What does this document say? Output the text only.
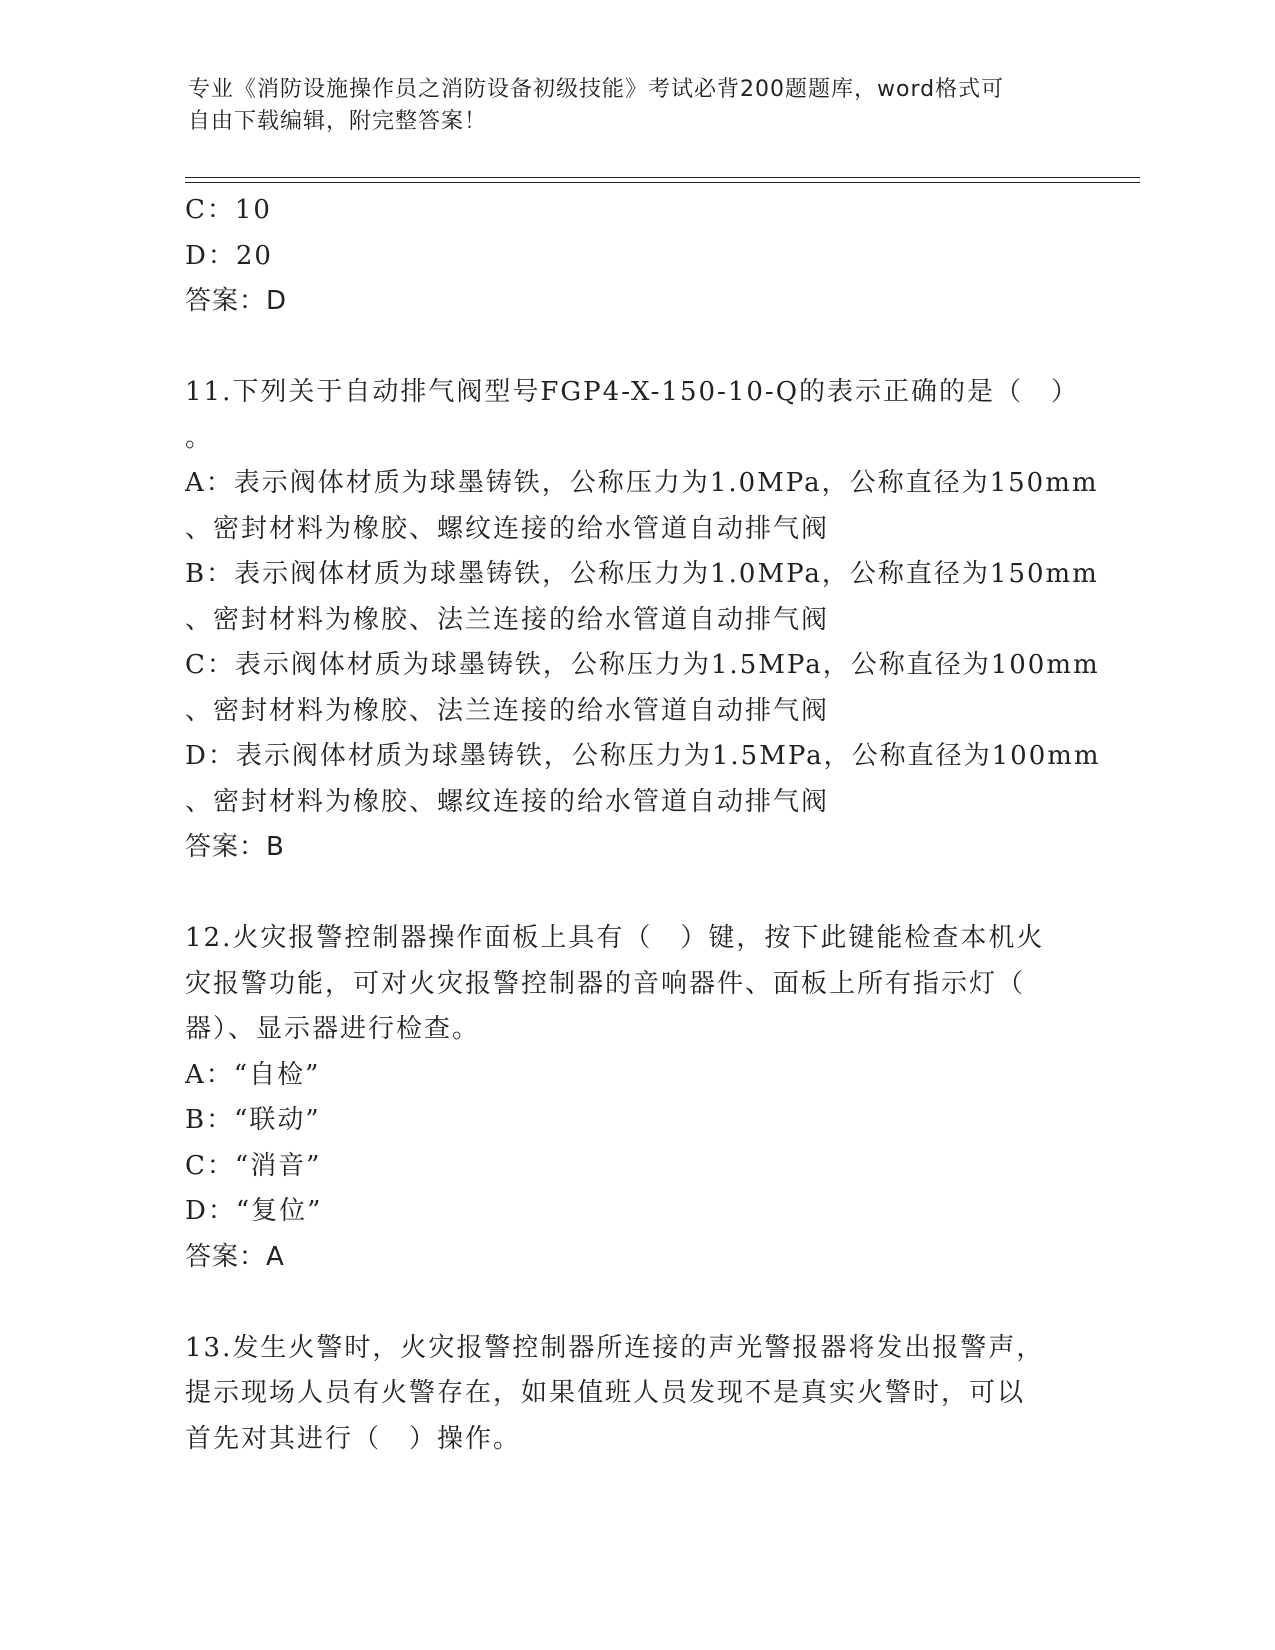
专业《消防设施操作员之消防设备初级技能》考试必背200题题库，word格式可
自由下载编辑，附完整答案！
C：10
D：20
答案：D
11.下列关于自动排气阀型号FGP4-X-150-10-Q的表示正确的是（　）
。
A：表示阀体材质为球墨铸铁，公称压力为1.0MPa，公称直径为150mm
、密封材料为橡胶、螺纹连接的给水管道自动排气阀
B：表示阀体材质为球墨铸铁，公称压力为1.0MPa，公称直径为150mm
、密封材料为橡胶、法兰连接的给水管道自动排气阀
C：表示阀体材质为球墨铸铁，公称压力为1.5MPa，公称直径为100mm
、密封材料为橡胶、法兰连接的给水管道自动排气阀
D：表示阀体材质为球墨铸铁，公称压力为1.5MPa，公称直径为100mm
、密封材料为橡胶、螺纹连接的给水管道自动排气阀
答案：B
12.火灾报警控制器操作面板上具有（　）键，按下此键能检查本机火
灾报警功能，可对火灾报警控制器的音响器件、面板上所有指示灯（
器）、显示器进行检查。
A：“自检”
B：“联动”
C：“消音”
D：“复位”
答案：A
13.发生火警时，火灾报警控制器所连接的声光警报器将发出报警声，
提示现场人员有火警存在，如果值班人员发现不是真实火警时，可以
首先对其进行（　）操作。
